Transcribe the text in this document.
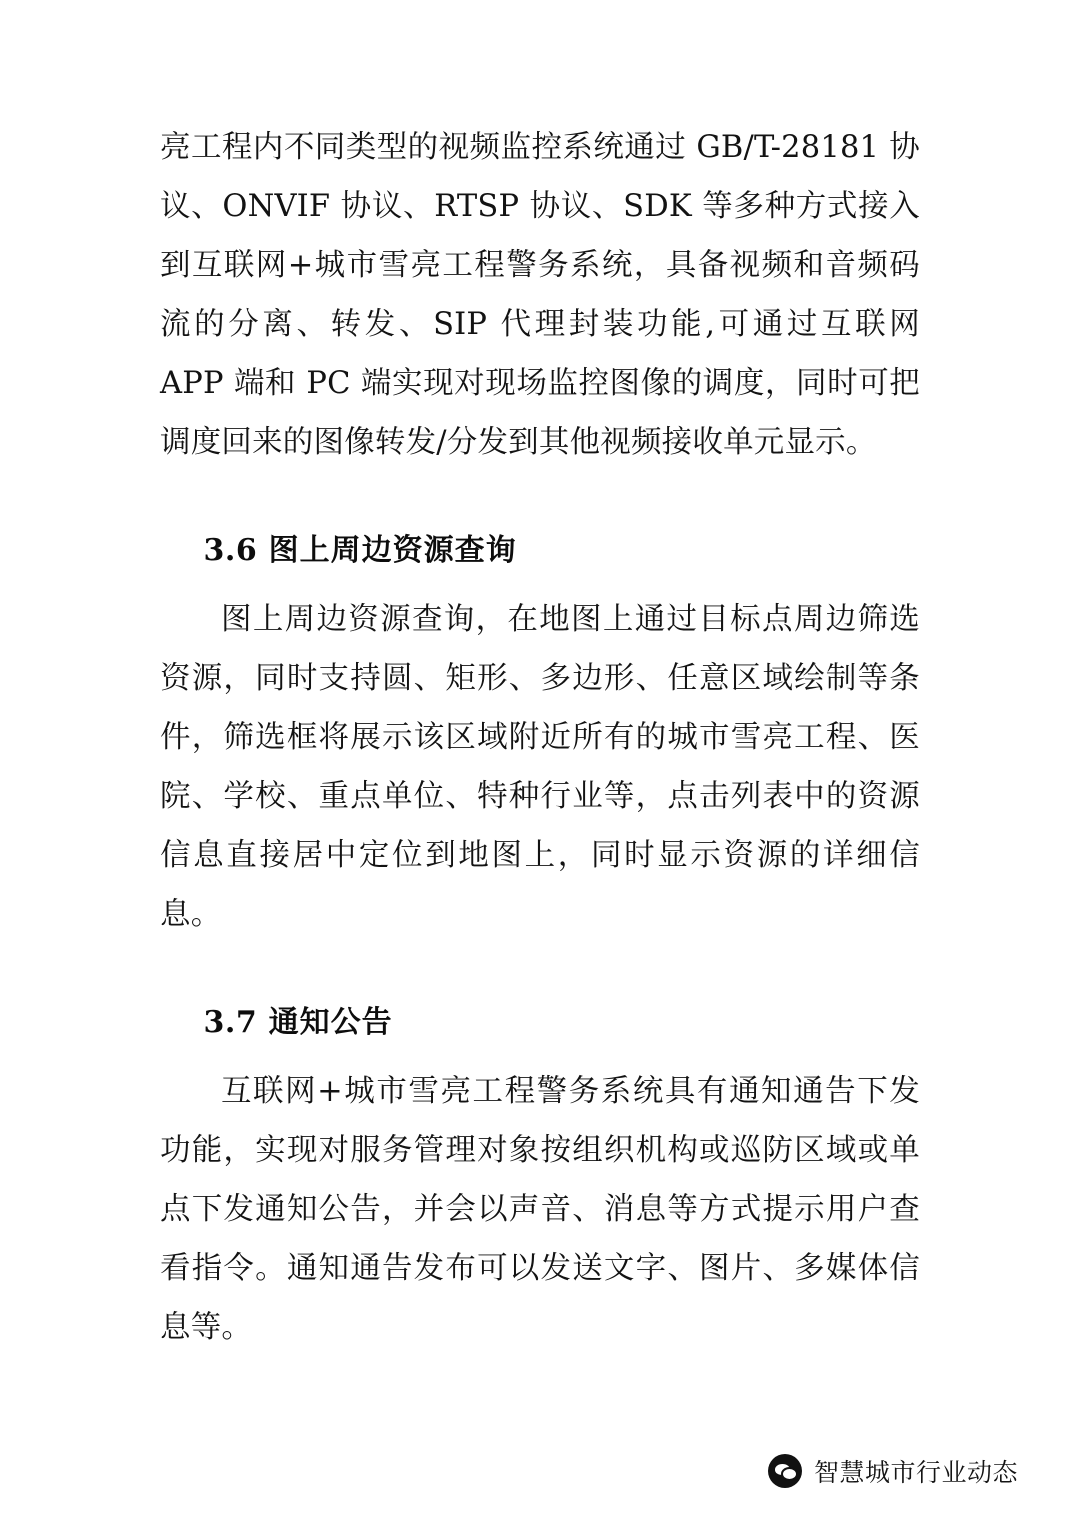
亮工程内不同类型的视频监控系统通过 GB/T-28181 协议、ONVIF 协议、RTSP 协议、SDK 等多种方式接入到互联网+城市雪亮工程警务系统，具备视频和音频码流的分离、转发、SIP 代理封装功能,可通过互联网 APP 端和 PC 端实现对现场监控图像的调度，同时可把调度回来的图像转发/分发到其他视频接收单元显示。

3.6 图上周边资源查询

图上周边资源查询，在地图上通过目标点周边筛选资源，同时支持圆、矩形、多边形、任意区域绘制等条件，筛选框将展示该区域附近所有的城市雪亮工程、医院、学校、重点单位、特种行业等，点击列表中的资源信息直接居中定位到地图上，同时显示资源的详细信息。

3.7 通知公告

互联网+城市雪亮工程警务系统具有通知通告下发功能，实现对服务管理对象按组织机构或巡防区域或单点下发通知公告，并会以声音、消息等方式提示用户查看指令。通知通告发布可以发送文字、图片、多媒体信息等。

智慧城市行业动态
